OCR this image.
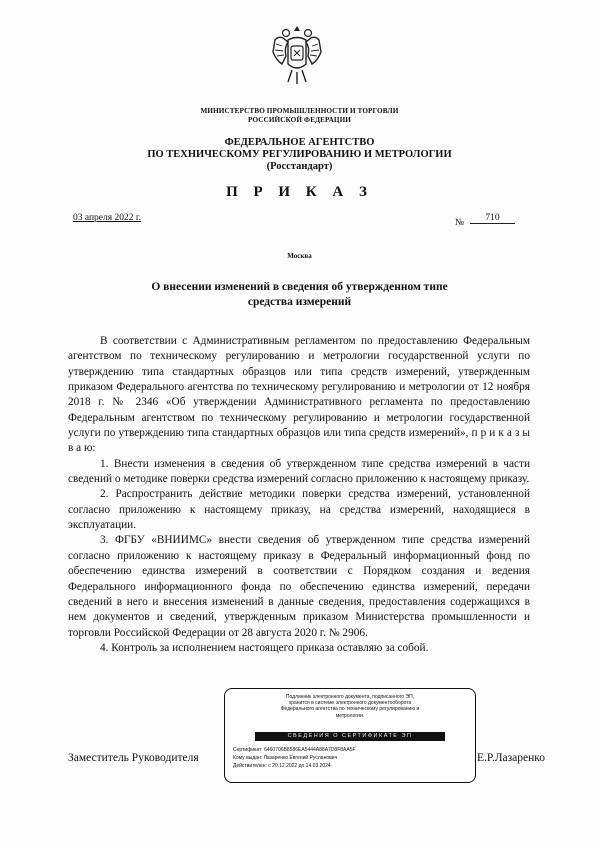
МИНИСТЕРСТВО ПРОМЫШЛЕННОСТИ И ТОРГОВЛИ
РОССИЙСКОЙ ФЕДЕРАЦИИ
ФЕДЕРАЛЬНОЕ АГЕНТСТВО
ПО ТЕХНИЧЕСКОМУ РЕГУЛИРОВАНИЮ И МЕТРОЛОГИИ
(Росстандарт)
П Р И К А З
03 апреля 2022 г.	№	710
Москва
О внесении изменений в сведения об утвержденном типе
средства измерений

В соответствии с Административным регламентом по предоставлению Федеральным агентством по техническому регулированию и метрологии государственной услуги по утверждению типа стандартных образцов или типа средств измерений, утвержденным приказом Федерального агентства по техническому регулированию и метрологии от 12 ноября 2018 г. № 2346 «Об утверждении Административного регламента по предоставлению Федеральным агентством по техническому регулированию и метрологии государственной услуги по утверждению типа стандартных образцов или типа средств измерений», п р и к а з ы в а ю:

1. Внести изменения в сведения об утвержденном типе средства измерений в части сведений о методике поверки средства измерений согласно приложению к настоящему приказу.

2. Распространить действие методики поверки средства измерений, установленной согласно приложению к настоящему приказу, на средства измерений, находящиеся в эксплуатации.

3. ФГБУ «ВНИИМС» внести сведения об утвержденном типе средства измерений согласно приложению к настоящему приказу в Федеральный информационный фонд по обеспечению единства измерений в соответствии с Порядком создания и ведения Федерального информационного фонда по обеспечению единства измерений, передачи сведений в него и внесения изменений в данные сведения, предоставления содержащихся в нем документов и сведений, утвержденным приказом Министерства промышленности и торговли Российской Федерации от 28 августа 2020 г. № 2906.

4. Контроль за исполнением настоящего приказа оставляю за собой.

Заместитель Руководителя	Е.Р.Лазаренко
Подлинник электронного документа, подписанного ЭП,
хранится в системе электронного документооборота
Федерального агентства по техническому регулированию и
метрологии.
СВЕДЕНИЯ О СЕРТИФИКАТЕ ЭП
Сертификат: 6460706B8586EA5444A88A7D8F8AA5F
Кому выдан: Лазаренко Евгений Русланович
Действителен: с 20.12.2022 до 14.03.2024
